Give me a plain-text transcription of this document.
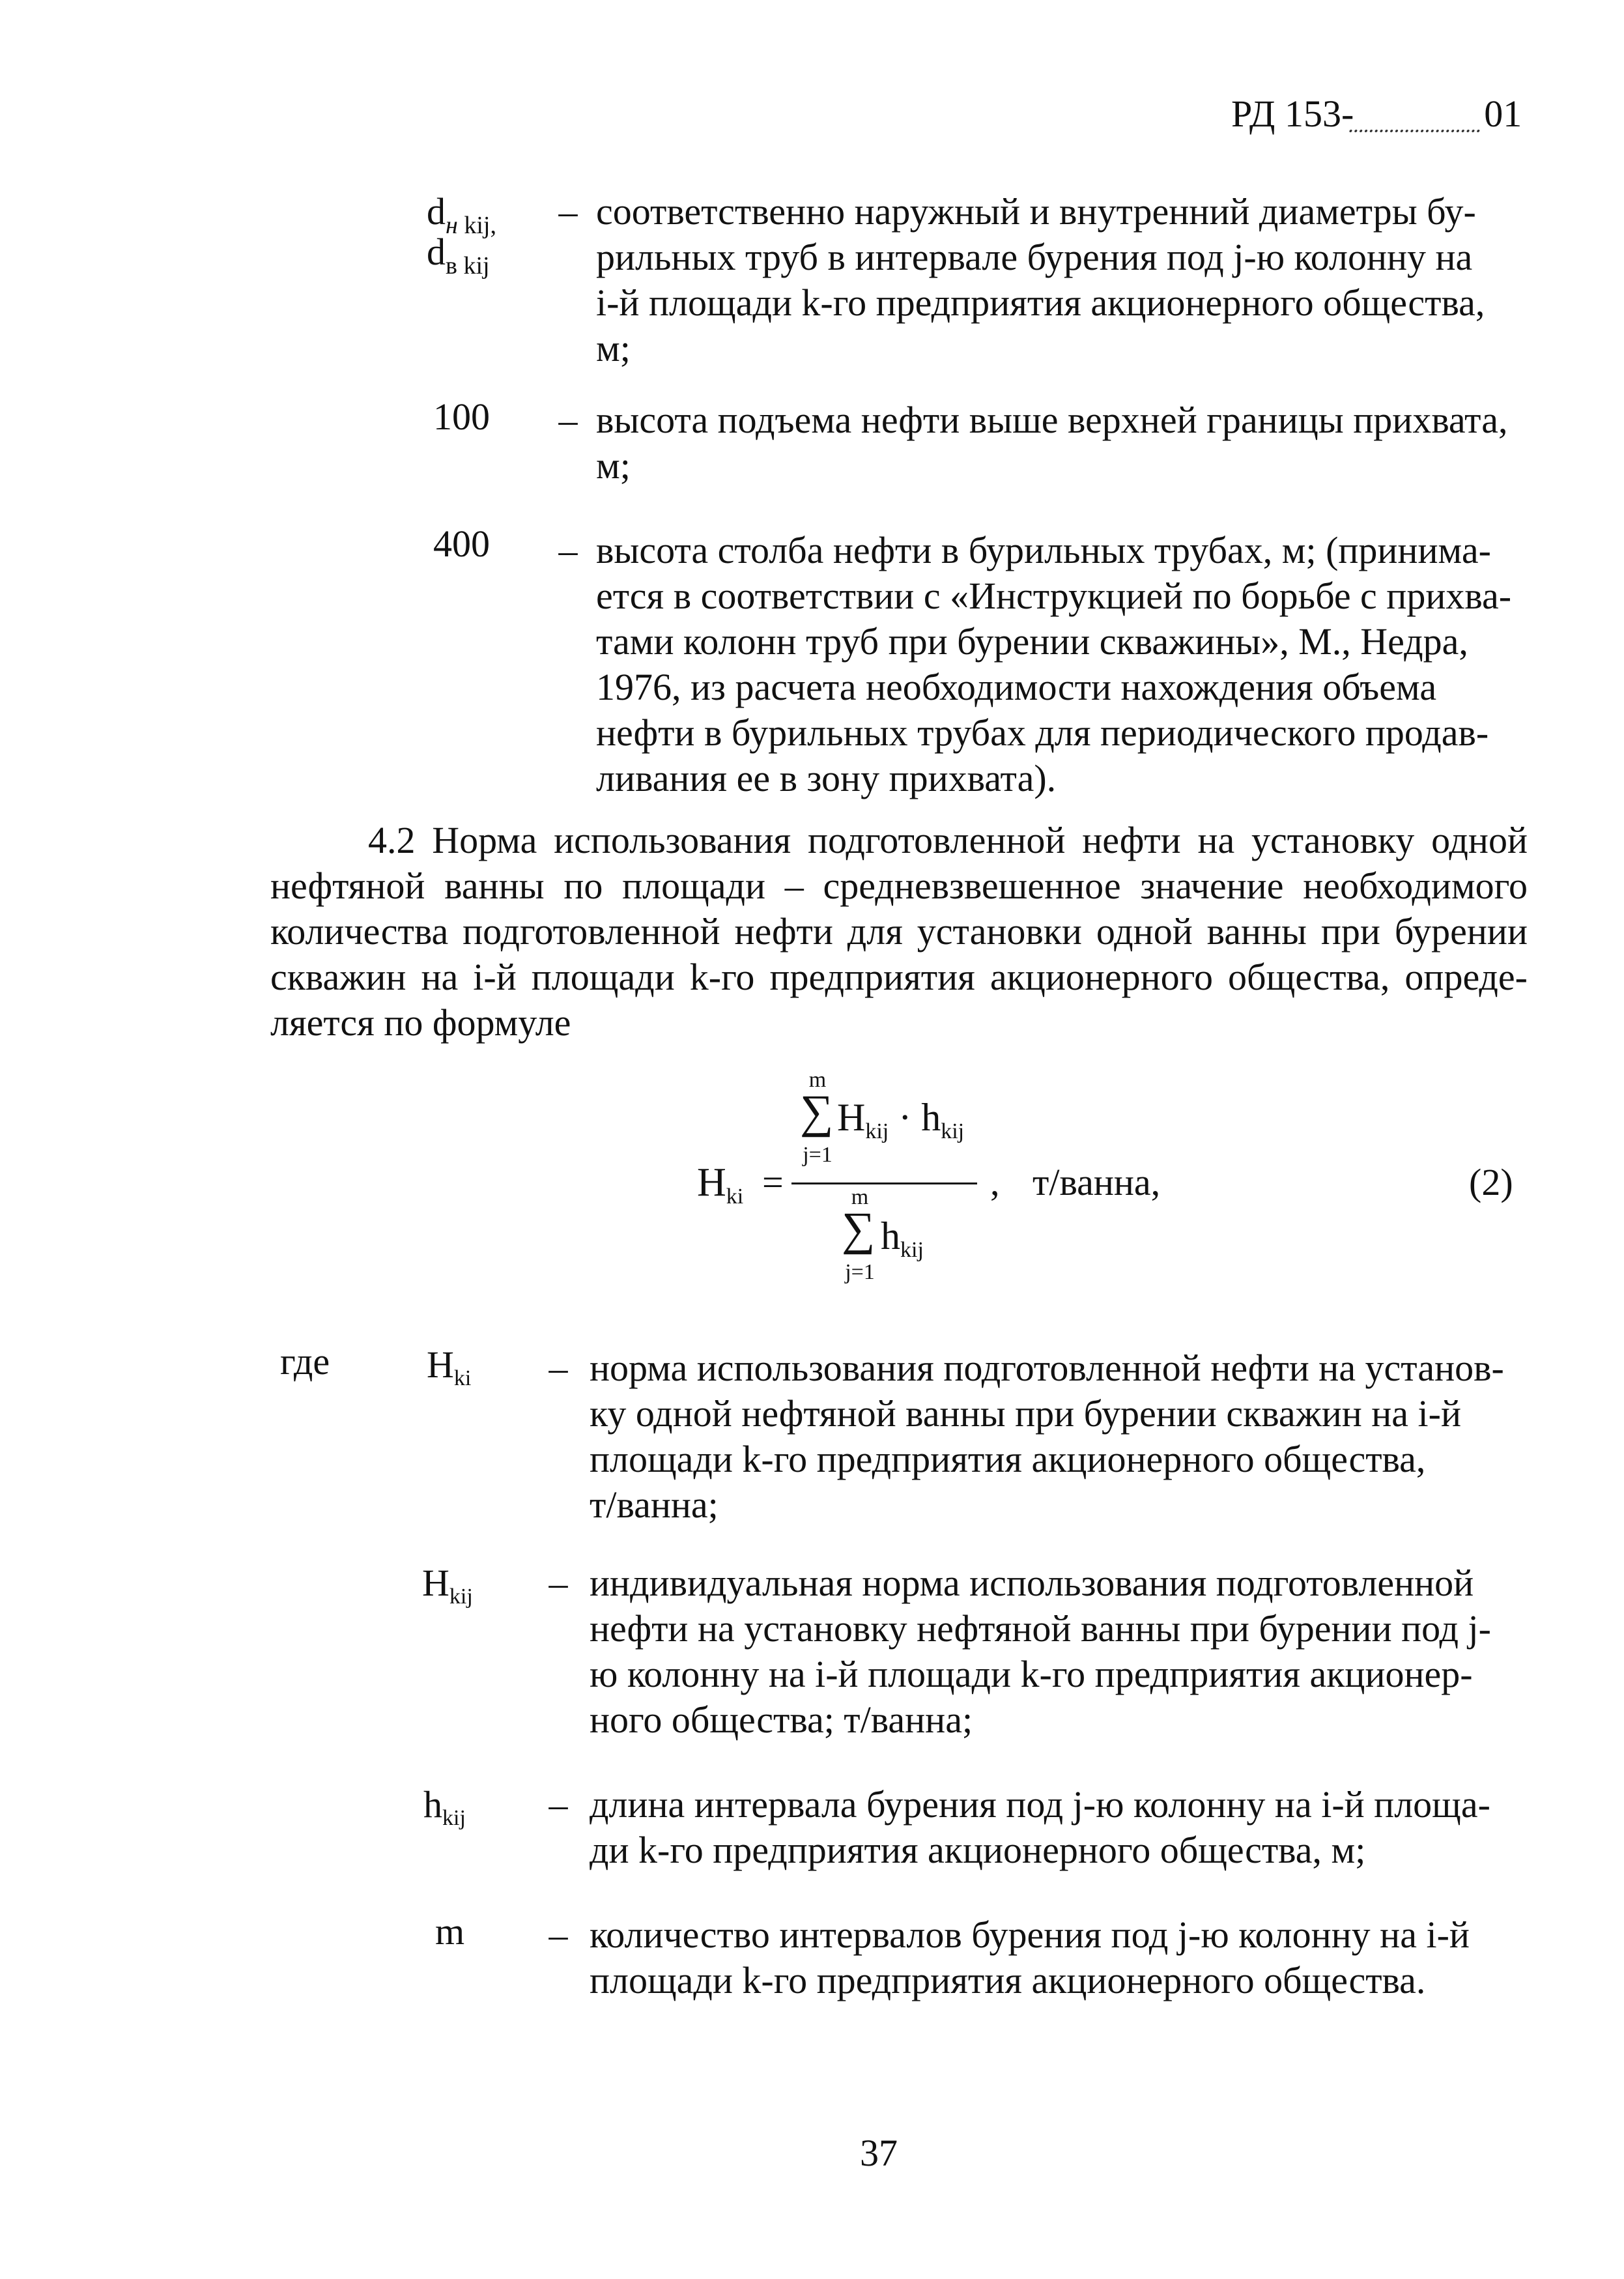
РД 153-	01
$d_{н kij,}$
$d_{в kij}$
– соответственно наружный и внутренний диаметры бу-
рильных труб в интервале бурения под j-ю колонну на
i-й площади k-го предприятия акционерного общества,
м;
100 – высота подъема нефти выше верхней границы прихвата,
м;
400 – высота столба нефти в бурильных трубах, м; (принима-
ется в соответствии с «Инструкцией по борьбе с прихва-
тами колонн труб при бурении скважины», М., Недра,
1976, из расчета необходимости нахождения объема
нефти в бурильных трубах для периодического продав-
ливания ее в зону прихвата).
4.2 Норма использования подготовленной нефти на установку одной
нефтяной ванны по площади – средневзвешенное значение необходимого
количества подготовленной нефти для установки одной ванны при бурении
скважин на i-й площади k-го предприятия акционерного общества, опреде-
ляется по формуле
Нki =
m
∑
j=1
$Н_{kij} \cdot h_{kij}$
m
∑
j=1
$h_{kij}$
, т/ванна,	(2)
где	$Н_{ki}$ – норма использования подготовленной нефти на установ-
ку одной нефтяной ванны при бурении скважин на i-й
площади k-го предприятия акционерного общества,
т/ванна;
$Н_{kij}$ – индивидуальная норма использования подготовленной
нефти на установку нефтяной ванны при бурении под j-
ю колонну на i-й площади k-го предприятия акционер-
ного общества; т/ванна;
$h_{kij}$ – длина интервала бурения под j-ю колонну на i-й площа-
ди k-го предприятия акционерного общества, м;
m – количество интервалов бурения под j-ю колонну на i-й
площади k-го предприятия акционерного общества.
37
